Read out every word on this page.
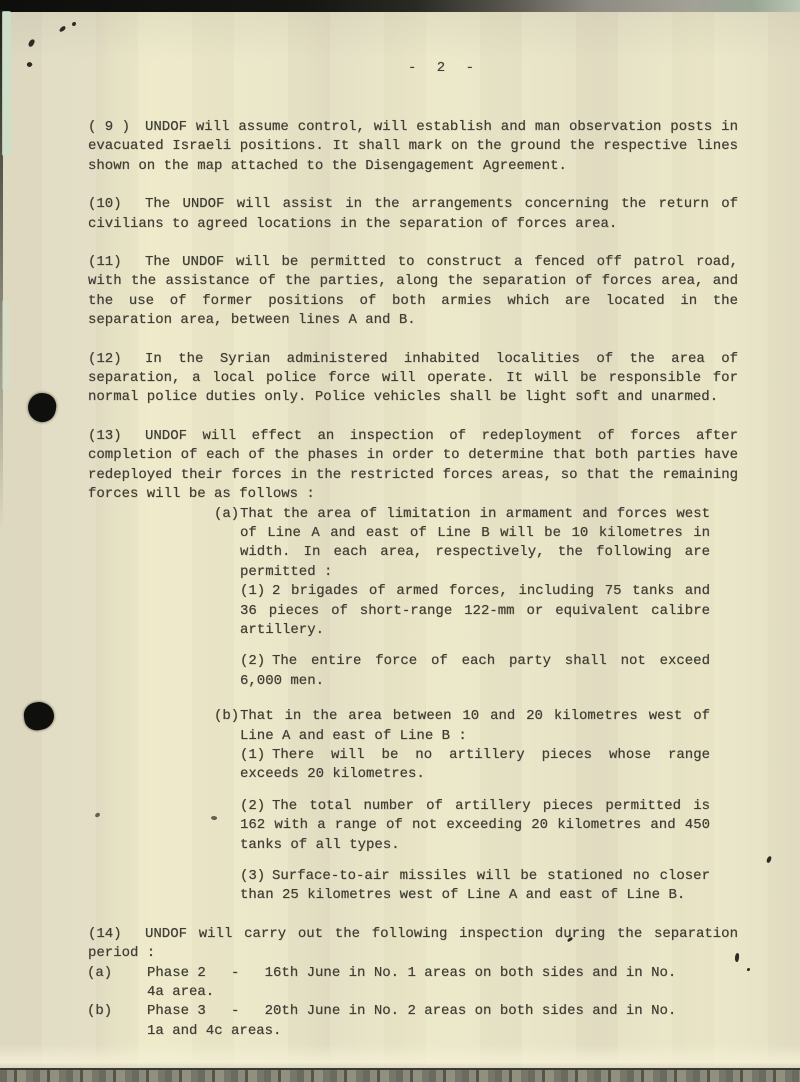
- 2 -

( 9 ) UNDOF will assume control, will establish and man observation posts in evacuated Israeli positions. It shall mark on the ground the respective lines shown on the map attached to the Disengagement Agreement.

(10) The UNDOF will assist in the arrangements concerning the return of civilians to agreed locations in the separation of forces area.

(11) The UNDOF will be permitted to construct a fenced off patrol road, with the assistance of the parties, along the separation of forces area, and the use of former positions of both armies which are located in the separation area, between lines A and B.

(12) In the Syrian administered inhabited localities of the area of separation, a local police force will operate. It will be responsible for normal police duties only. Police vehicles shall be light soft and unarmed.

(13) UNDOF will effect an inspection of redeployment of forces after completion of each of the phases in order to determine that both parties have redeployed their forces in the restricted forces areas, so that the remaining forces will be as follows :

(a)That the area of limitation in armament and forces west of Line A and east of Line B will be 10 kilometres in width. In each area, respectively, the following are permitted :
(1) 2 brigades of armed forces, including 75 tanks and 36 pieces of short-range 122-mm or equivalent calibre artillery.
(2) The entire force of each party shall not exceed 6,000 men.
(b)That in the area between 10 and 20 kilometres west of Line A and east of Line B :
(1) There will be no artillery pieces whose range exceeds 20 kilometres.
(2) The total number of artillery pieces permitted is 162 with a range of not exceeding 20 kilometres and 450 tanks of all types.
(3) Surface-to-air missiles will be stationed no closer than 25 kilometres west of Line A and east of Line B.

(14) UNDOF will carry out the following inspection during the separation period :

(a) Phase 2   -   16th June in No. 1 areas on both sides and in No. 4a area.
(b) Phase 3   -   20th June in No. 2 areas on both sides and in No. 1a and 4c areas.
